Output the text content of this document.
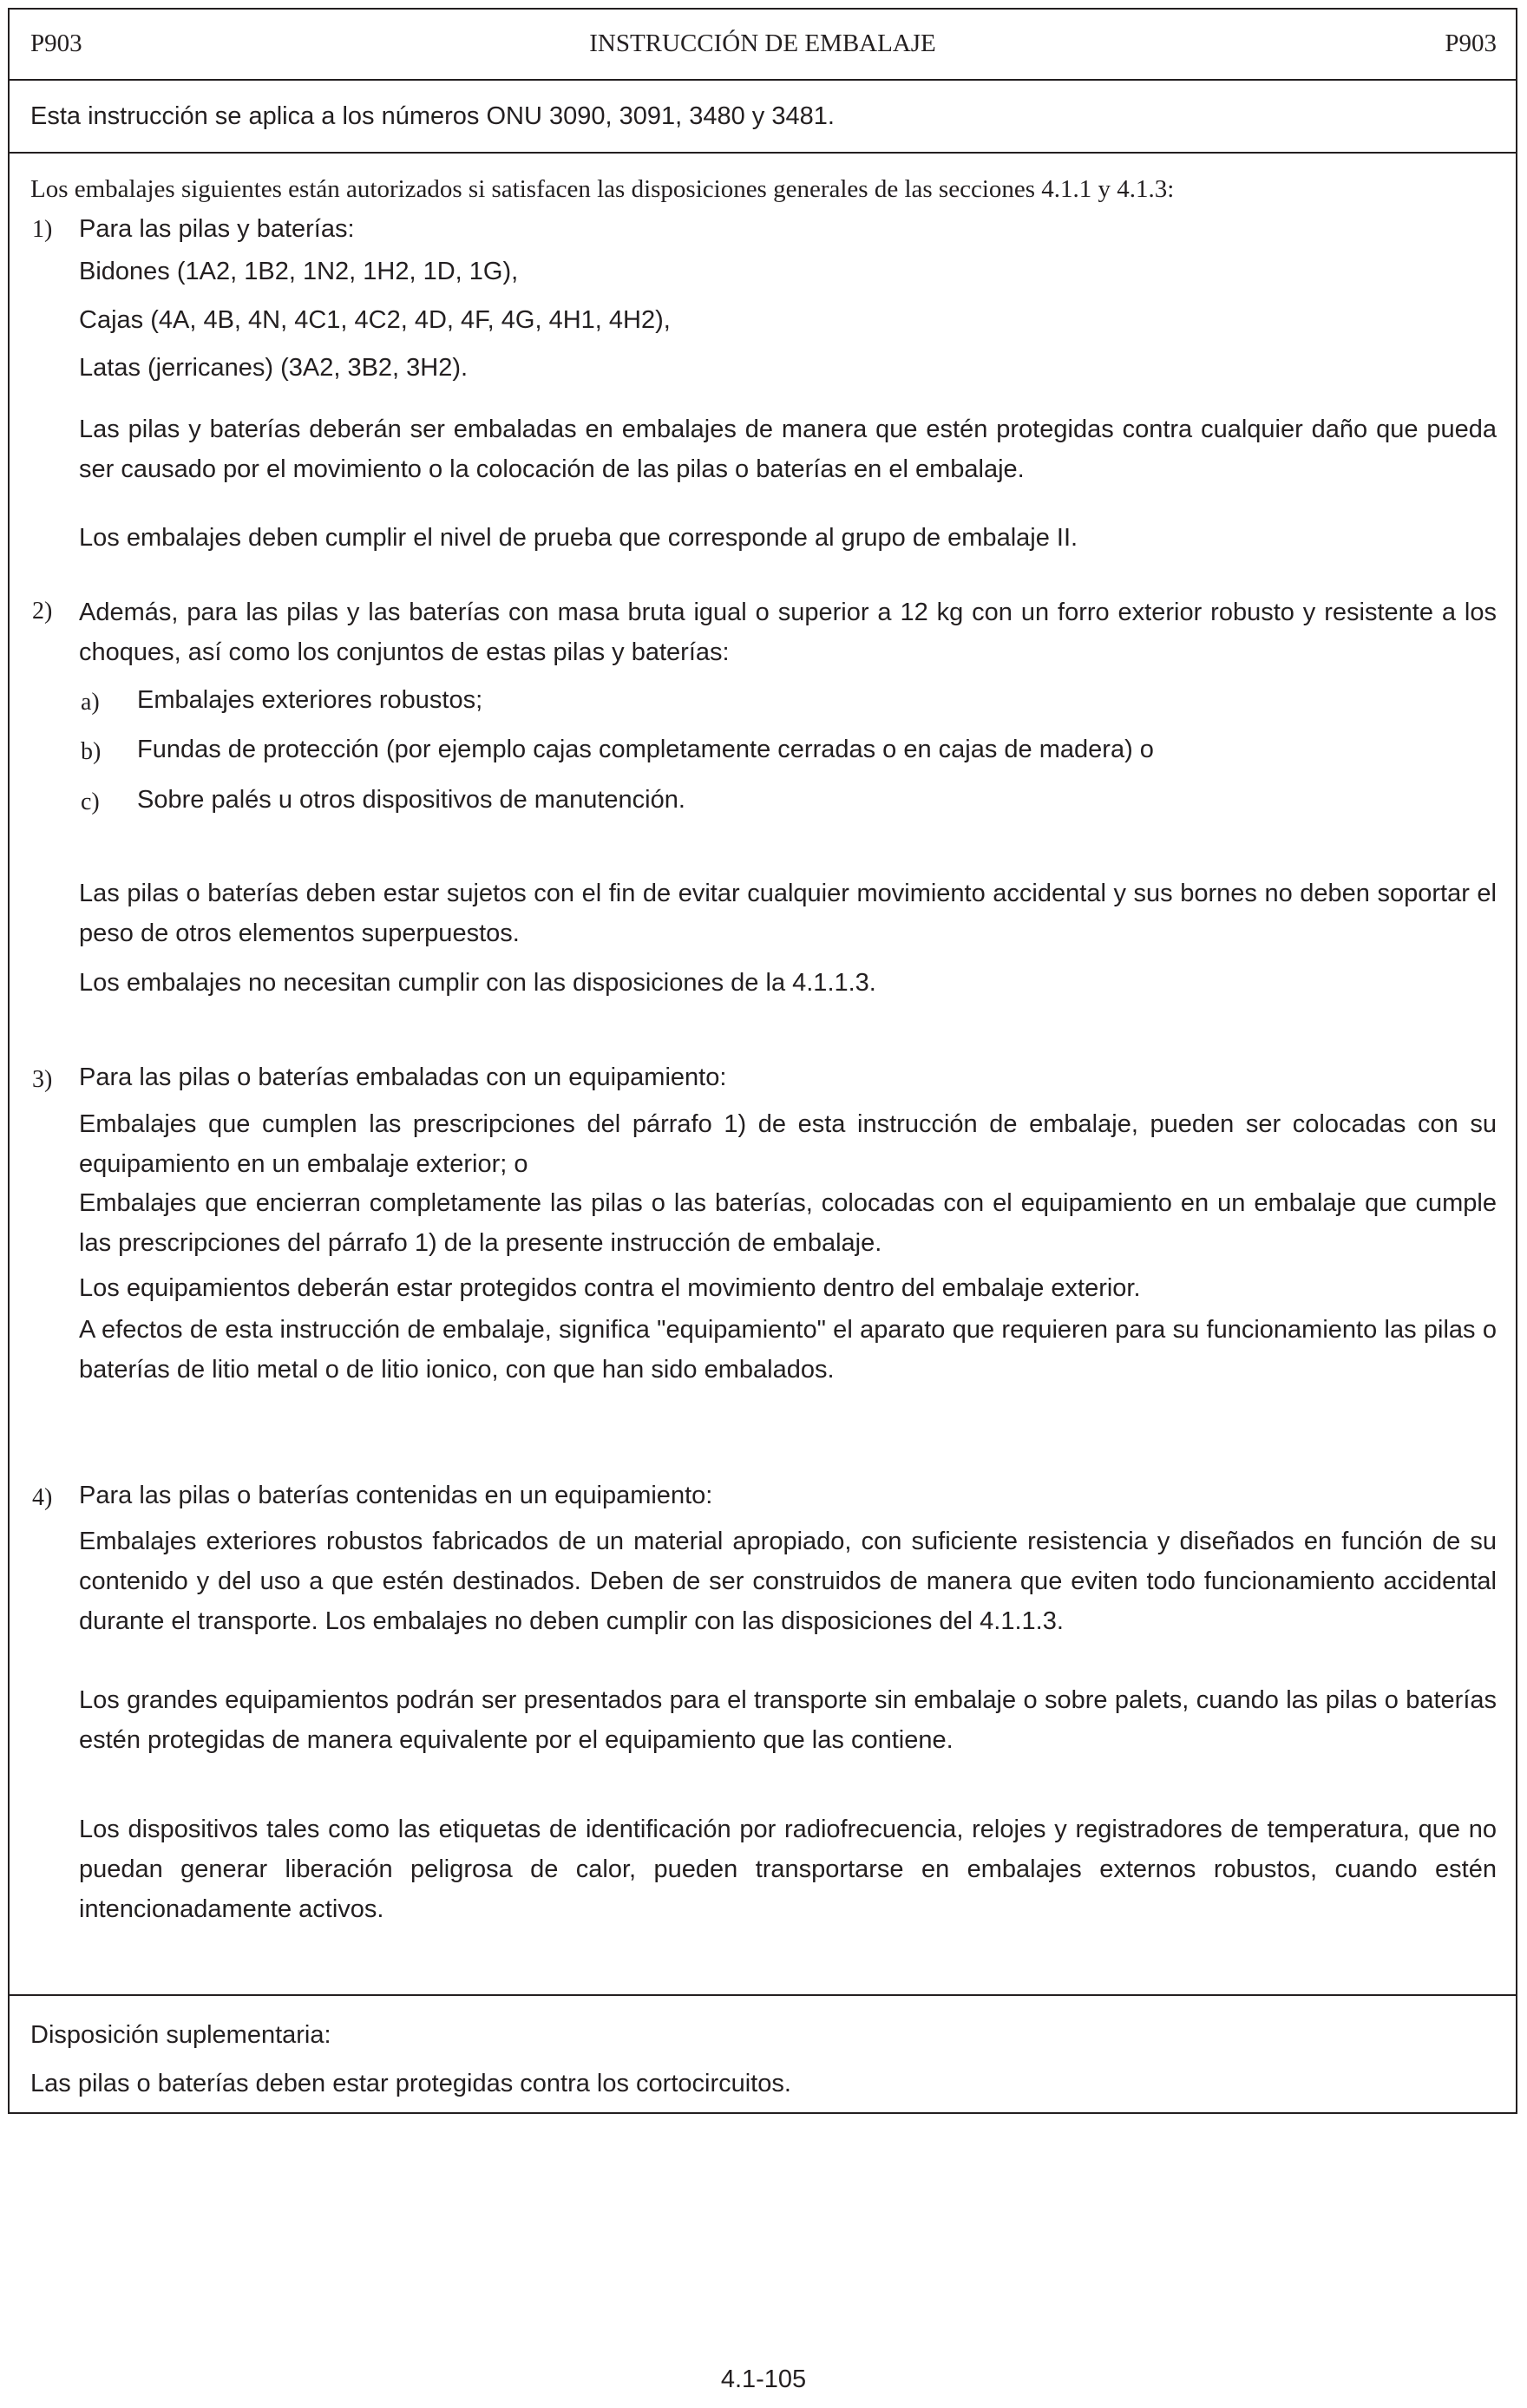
P903	INSTRUCCIÓN DE EMBALAJE	P903
Esta instrucción se aplica a los números ONU 3090, 3091, 3480 y 3481.
Los embalajes siguientes están autorizados si satisfacen las disposiciones generales de las secciones 4.1.1 y 4.1.3:
1) Para las pilas y baterías:
Bidones (1A2, 1B2, 1N2, 1H2, 1D, 1G),
Cajas (4A, 4B, 4N, 4C1, 4C2, 4D, 4F, 4G, 4H1, 4H2),
Latas (jerricanes) (3A2, 3B2, 3H2).
Las pilas y baterías deberán ser embaladas en embalajes de manera que estén protegidas contra cualquier daño que pueda ser causado por el movimiento o la colocación de las pilas o baterías en el embalaje.
Los embalajes deben cumplir el nivel de prueba que corresponde al grupo de embalaje II.
2) Además, para las pilas y las baterías con masa bruta igual o superior a 12 kg con un forro exterior robusto y resistente a los choques, así como los conjuntos de estas pilas y baterías:
a) Embalajes exteriores robustos;
b) Fundas de protección (por ejemplo cajas completamente cerradas o en cajas de madera) o
c) Sobre palés u otros dispositivos de manutención.
Las pilas o baterías deben estar sujetos con el fin de evitar cualquier movimiento accidental y sus bornes no deben soportar el peso de otros elementos superpuestos.
Los embalajes no necesitan cumplir con las disposiciones de la 4.1.1.3.
3) Para las pilas o baterías embaladas con un equipamiento:
Embalajes que cumplen las prescripciones del párrafo 1) de esta instrucción de embalaje, pueden ser colocadas con su equipamiento en un embalaje exterior; o
Embalajes que encierran completamente las pilas o las baterías, colocadas con el equipamiento en un embalaje que cumple las prescripciones del párrafo 1) de la presente instrucción de embalaje.
Los equipamientos deberán estar protegidos contra el movimiento dentro del embalaje exterior.
A efectos de esta instrucción de embalaje, significa "equipamiento" el aparato que requieren para su funcionamiento las pilas o baterías de litio metal o de litio ionico, con que han sido embalados.
4) Para las pilas o baterías contenidas en un equipamiento:
Embalajes exteriores robustos fabricados de un material apropiado, con suficiente resistencia y diseñados en función de su contenido y del uso a que estén destinados. Deben de ser construidos de manera que eviten todo funcionamiento accidental durante el transporte. Los embalajes no deben cumplir con las disposiciones del 4.1.1.3.
Los grandes equipamientos podrán ser presentados para el transporte sin embalaje o sobre palets, cuando las pilas o baterías estén protegidas de manera equivalente por el equipamiento que las contiene.
Los dispositivos tales como las etiquetas de identificación por radiofrecuencia, relojes y registradores de temperatura, que no puedan generar liberación peligrosa de calor, pueden transportarse en embalajes externos robustos, cuando estén intencionadamente activos.
Disposición suplementaria:
Las pilas o baterías deben estar protegidas contra los cortocircuitos.
4.1-105
